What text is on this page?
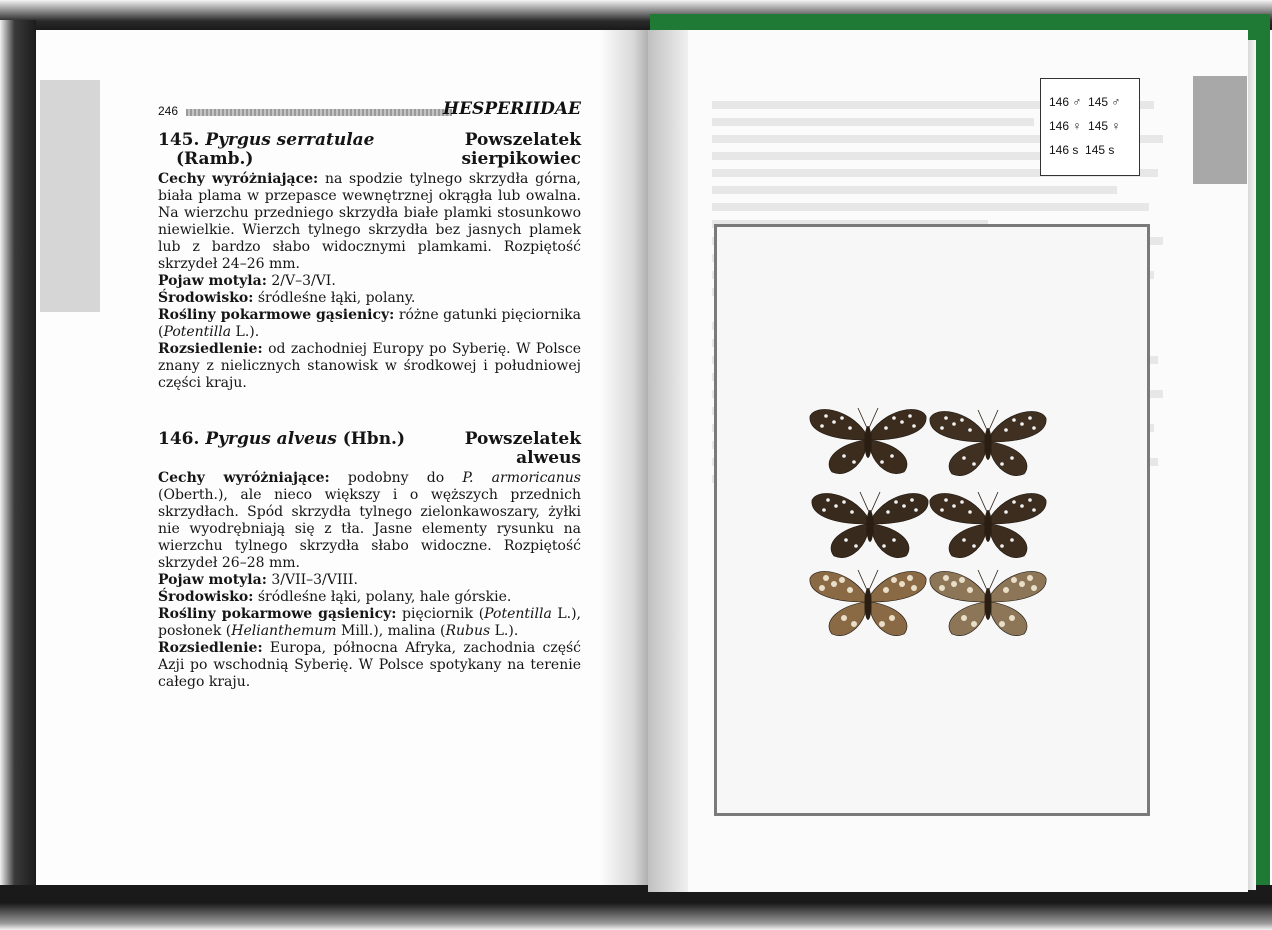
246	HESPERIIDAE
145. Pyrgus serratulae
(Ramb.)
Powszelatek
sierpikowiec

Cechy wyróżniające: na spodzie tylnego skrzydła górna, biała plama w przepasce wewnętrznej okrągła lub owalna. Na wierzchu przedniego skrzydła białe plamki stosunkowo niewielkie. Wierzch tylnego skrzydła bez jasnych plamek lub z bardzo słabo widocznymi plamkami. Rozpiętość skrzydeł 24–26 mm.

Pojaw motyla: 2/V–3/VI.

Środowisko: śródleśne łąki, polany.

Rośliny pokarmowe gąsienicy: różne gatunki pięciornika (Potentilla L.).

Rozsiedlenie: od zachodniej Europy po Syberię. W Polsce znany z nielicznych stanowisk w środkowej i południowej części kraju.

146. Pyrgus alveus (Hbn.)	Powszelatek
alweus

Cechy wyróżniające: podobny do P. armoricanus (Oberth.), ale nieco większy i o węższych przednich skrzydłach. Spód skrzydła tylnego zielonkawoszary, żyłki nie wyodrębniają się z tła. Jasne elementy rysunku na wierzchu tylnego skrzydła słabo widoczne. Rozpiętość skrzydeł 26–28 mm.

Pojaw motyla: 3/VII–3/VIII.

Środowisko: śródleśne łąki, polany, hale górskie.

Rośliny pokarmowe gąsienicy: pięciornik (Potentilla L.), posłonek (Helianthemum Mill.), malina (Rubus L.).

Rozsiedlenie: Europa, północna Afryka, zachodnia część Azji po wschodnią Syberię. W Polsce spotykany na terenie całego kraju.

146 ♂ 145 ♂
146 ♀ 145 ♀
146 s 145 s
